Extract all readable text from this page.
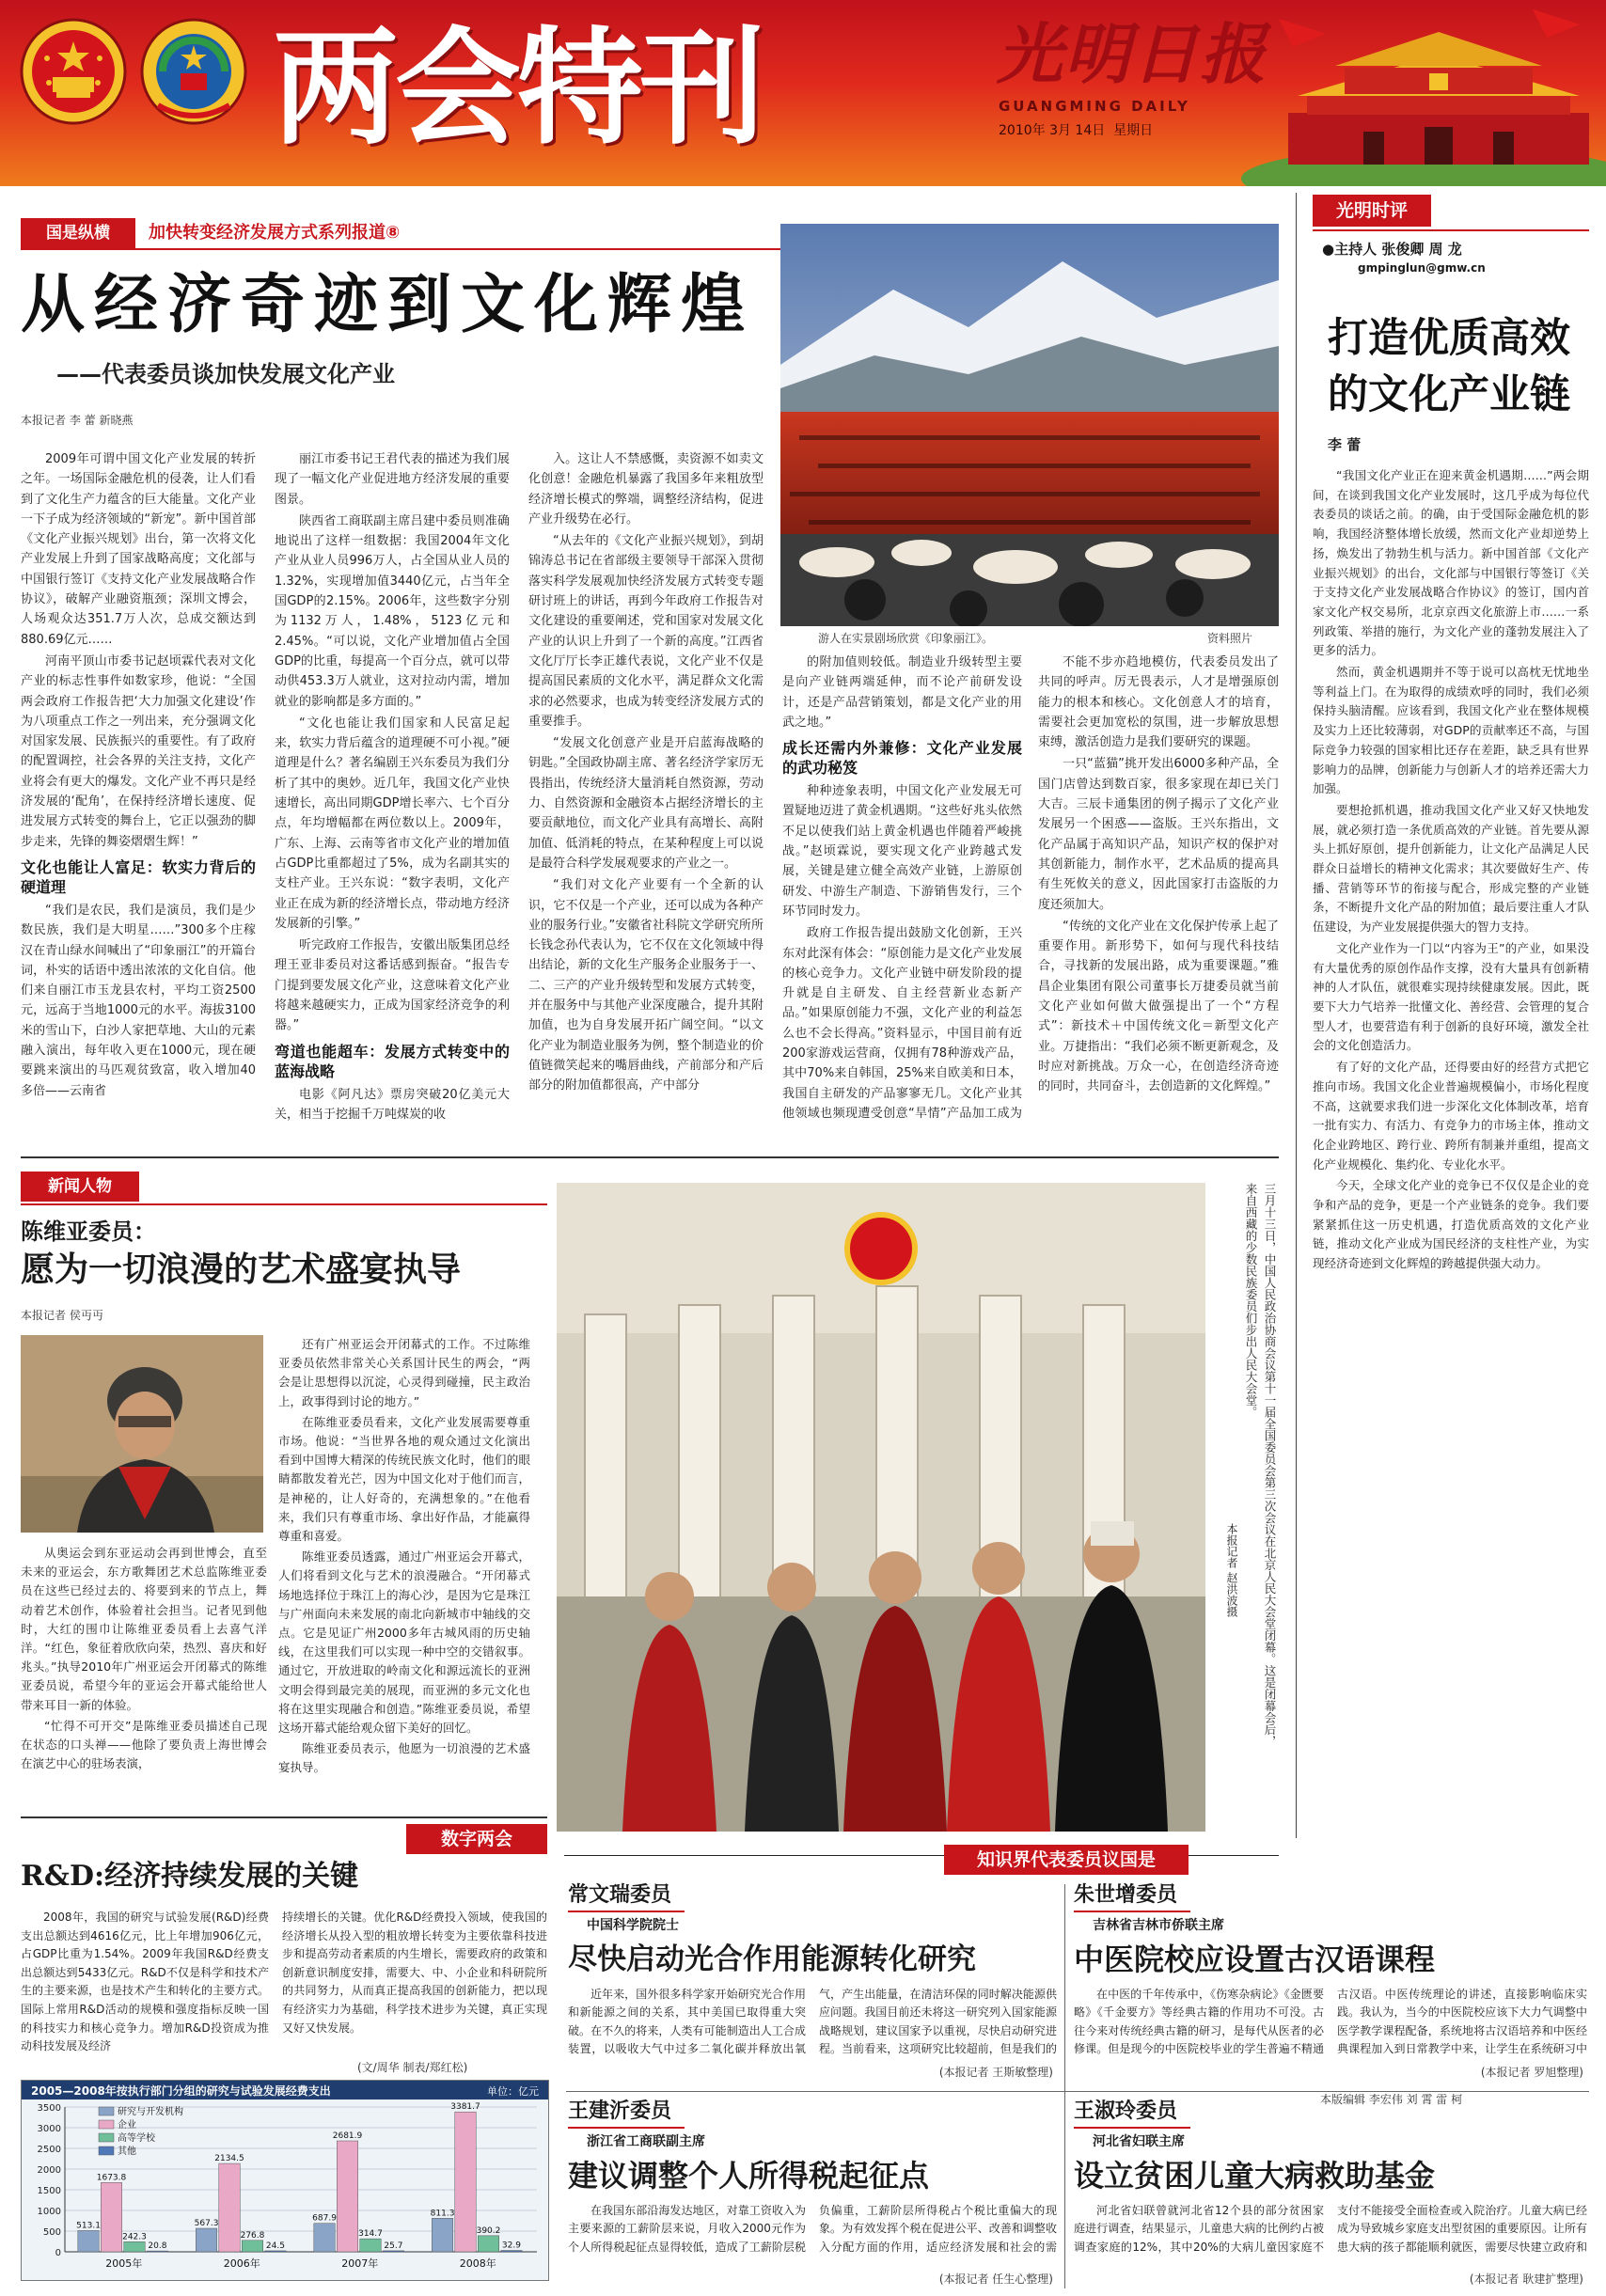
两会特刊	光明日报
GUANGMING DAILY
2010年 3月 14日 星期日
国是纵横	加快转变经济发展方式系列报道⑧
从经济奇迹到文化辉煌
——代表委员谈加快发展文化产业
本报记者 李 蕾 新晓燕
游人在实景剧场欣赏《印象丽江》。	资料照片

2009年可谓中国文化产业发展的转折之年。一场国际金融危机的侵袭，让人们看到了文化生产力蕴含的巨大能量。文化产业一下子成为经济领域的“新宠”。新中国首部《文化产业振兴规划》出台，第一次将文化产业发展上升到了国家战略高度；文化部与中国银行签订《支持文化产业发展战略合作协议》，破解产业融资瓶颈；深圳文博会，人场观众达351.7万人次，总成交额达到880.69亿元……

河南平顶山市委书记赵顷霖代表对文化产业的标志性事件如数家珍，他说：“全国两会政府工作报告把‘大力加强文化建设’作为八项重点工作之一列出来，充分强调文化对国家发展、民族振兴的重要性。有了政府的配置调控，社会各界的关注支持，文化产业将会有更大的爆发。文化产业不再只是经济发展的‘配角’，在保持经济增长速度、促进发展方式转变的舞台上，它正以强劲的脚步走来，先锋的舞姿熠熠生辉！”

文化也能让人富足：软实力背后的硬道理

“我们是农民，我们是演员，我们是少数民族，我们是大明星……”300多个庄稼汉在青山绿水间喊出了“印象丽江”的开篇台词，朴实的话语中透出浓浓的文化自信。他们来自丽江市玉龙县农村，平均工资2500元，远高于当地1000元的水平。海拔3100米的雪山下，白沙人家把草地、大山的元素融入演出，每年收入更在1000元，现在硬要跳来演出的马匹观贫致富，收入增加40多倍——云南省

丽江市委书记王君代表的描述为我们展现了一幅文化产业促进地方经济发展的重要图景。

陕西省工商联副主席吕建中委员则准确地说出了这样一组数据：我国2004年文化产业从业人员996万人，占全国从业人员的1.32%，实现增加值3440亿元，占当年全国GDP的2.15%。2006年，这些数字分别为1132万人，1.48%，5123亿元和2.45%。“可以说，文化产业增加值占全国GDP的比重，每提高一个百分点，就可以带动供453.3万人就业，这对拉动内需，增加就业的影响都是多方面的。”

“文化也能让我们国家和人民富足起来，软实力背后蕴含的道理硬不可小视。”硬道理是什么？著名编剧王兴东委员为我们分析了其中的奥妙。近几年，我国文化产业快速增长，高出同期GDP增长率六、七个百分点，年均增幅都在两位数以上。2009年，广东、上海、云南等省市文化产业的增加值占GDP比重都超过了5%，成为名副其实的支柱产业。王兴东说：“数字表明，文化产业正在成为新的经济增长点，带动地方经济发展新的引擎。”

听完政府工作报告，安徽出版集团总经理王亚非委员对这番话感到振奋。“报告专门提到要发展文化产业，这意味着文化产业将越来越硬实力，正成为国家经济竞争的利器。”

弯道也能超车：发展方式转变中的蓝海战略

电影《阿凡达》票房突破20亿美元大关，相当于挖掘千万吨煤炭的收

入。这让人不禁感慨，卖资源不如卖文化创意！金融危机暴露了我国多年来粗放型经济增长模式的弊端，调整经济结构，促进产业升级势在必行。

“从去年的《文化产业振兴规划》，到胡锦涛总书记在省部级主要领导干部深入贯彻落实科学发展观加快经济发展方式转变专题研讨班上的讲话，再到今年政府工作报告对文化建设的重要阐述，党和国家对发展文化产业的认识上升到了一个新的高度。”江西省文化厅厅长李正雄代表说，文化产业不仅是提高国民素质的文化水平，满足群众文化需求的必然要求，也成为转变经济发展方式的重要推手。

“发展文化创意产业是开启蓝海战略的钥匙。”全国政协副主席、著名经济学家厉无畏指出，传统经济大量消耗自然资源，劳动力、自然资源和金融资本占据经济增长的主要贡献地位，而文化产业具有高增长、高附加值、低消耗的特点，在某种程度上可以说是最符合科学发展观要求的产业之一。

“我们对文化产业要有一个全新的认识，它不仅是一个产业，还可以成为各种产业的服务行业。”安徽省社科院文学研究所所长钱念孙代表认为，它不仅在文化领域中得出结论，新的文化生产服务企业服务于一、二、三产的产业升级转型和发展方式转变，并在服务中与其他产业深度融合，提升其附加值，也为自身发展开拓广阔空间。“以文化产业为制造业服务为例，整个制造业的价值链微笑起来的嘴唇曲线，产前部分和产后部分的附加值都很高，产中部分

的附加值则较低。制造业升级转型主要是向产业链两端延伸，而不论产前研发设计，还是产品营销策划，都是文化产业的用武之地。”

成长还需内外兼修：文化产业发展的武功秘笈

种种迹象表明，中国文化产业发展无可置疑地迈进了黄金机遇期。“这些好兆头依然不足以使我们站上黄金机遇也伴随着严峻挑战。”赵顷霖说，要实现文化产业跨越式发展，关键是建立健全高效产业链，上游原创研发、中游生产制造、下游销售发行，三个环节同时发力。

政府工作报告提出鼓励文化创新，王兴东对此深有体会：“原创能力是文化产业发展的核心竞争力。文化产业链中研发阶段的提升就是自主研发、自主经营新业态新产品。”如果原创能力不强，文化产业的利益怎么也不会长得高。”资料显示，中国目前有近200家游戏运营商，仅拥有78种游戏产品，其中70%来自韩国，25%来自欧美和日本，我国自主研发的产品寥寥无几。文化产业其他领域也频现遭受创意“旱情”产品加工成为

不能不步亦趋地模仿，代表委员发出了共同的呼声。厉无畏表示，人才是增强原创能力的根本和核心。文化创意人才的培育，需要社会更加宽松的氛围，进一步解放思想束缚，激活创造力是我们要研究的课题。

一只“蓝猫”挑开发出6000多种产品，全国门店曾达到数百家，很多家现在却已关门大吉。三辰卡通集团的例子揭示了文化产业发展另一个困惑——盗版。王兴东指出，文化产品属于高知识产品，知识产权的保护对其创新能力，制作水平，艺术品质的提高具有生死攸关的意义，因此国家打击盗版的力度还须加大。

“传统的文化产业在文化保护传承上起了重要作用。新形势下，如何与现代科技结合，寻找新的发展出路，成为重要课题。”雅昌企业集团有限公司董事长万捷委员就当前文化产业如何做大做强提出了一个“方程式”：新技术＋中国传统文化＝新型文化产业。万捷指出：“我们必须不断更新观念，及时应对新挑战。万众一心，在创造经济奇迹的同时，共同奋斗，去创造新的文化辉煌。”

光明时评
●主持人 张俊卿 周 龙
gmpinglun@gmw.cn
打造优质高效的文化产业链
李 蕾

“我国文化产业正在迎来黄金机遇期……”两会期间，在谈到我国文化产业发展时，这几乎成为每位代表委员的谈话之前。的确，由于受国际金融危机的影响，我国经济整体增长放缓，然而文化产业却逆势上扬，焕发出了勃勃生机与活力。新中国首部《文化产业振兴规划》的出台，文化部与中国银行等签订《关于支持文化产业发展战略合作协议》的签订，国内首家文化产权交易所，北京京西文化旅游上市……一系列政策、举措的施行，为文化产业的蓬勃发展注入了更多的活力。

然而，黄金机遇期并不等于说可以高枕无忧地坐等利益上门。在为取得的成绩欢呼的同时，我们必须保持头脑清醒。应该看到，我国文化产业在整体规模及实力上还比较薄弱，对GDP的贡献率还不高，与国际竞争力较强的国家相比还存在差距，缺乏具有世界影响力的品牌，创新能力与创新人才的培养还需大力加强。

要想抢抓机遇，推动我国文化产业又好又快地发展，就必须打造一条优质高效的产业链。首先要从源头上抓好原创，提升创新能力，让文化产品满足人民群众日益增长的精神文化需求；其次要做好生产、传播、营销等环节的衔接与配合，形成完整的产业链条，不断提升文化产品的附加值；最后要注重人才队伍建设，为产业发展提供强大的智力支持。

文化产业作为一门以“内容为王”的产业，如果没有大量优秀的原创作品作支撑，没有大量具有创新精神的人才队伍，就很难实现持续健康发展。因此，既要下大力气培养一批懂文化、善经营、会管理的复合型人才，也要营造有利于创新的良好环境，激发全社会的文化创造活力。

有了好的文化产品，还得要由好的经营方式把它推向市场。我国文化企业普遍规模偏小，市场化程度不高，这就要求我们进一步深化文化体制改革，培育一批有实力、有活力、有竞争力的市场主体，推动文化企业跨地区、跨行业、跨所有制兼并重组，提高文化产业规模化、集约化、专业化水平。

今天，全球文化产业的竞争已不仅仅是企业的竞争和产品的竞争，更是一个产业链条的竞争。我们要紧紧抓住这一历史机遇，打造优质高效的文化产业链，推动文化产业成为国民经济的支柱性产业，为实现经济奇迹到文化辉煌的跨越提供强大动力。

本版编辑 李宏伟 刘 霄 雷 柯
新闻人物
陈维亚委员：
愿为一切浪漫的艺术盛宴执导
本报记者 侯丏丏

从奥运会到东亚运动会再到世博会，直至未来的亚运会，东方歌舞团艺术总监陈维亚委员在这些已经过去的、将要到来的节点上，舞动着艺术创作，体验着社会担当。记者见到他时，大红的围巾让陈维亚委员看上去喜气洋洋。“红色，象征着欣欣向荣，热烈、喜庆和好兆头。”执导2010年广州亚运会开闭幕式的陈维亚委员说，希望今年的亚运会开幕式能给世人带来耳目一新的体验。

“忙得不可开交”是陈维亚委员描述自己现在状态的口头禅——他除了要负责上海世博会在演艺中心的驻场表演，

还有广州亚运会开闭幕式的工作。不过陈维亚委员依然非常关心关系国计民生的两会，“两会是让思想得以沉淀，心灵得到碰撞，民主政治上，政事得到讨论的地方。”

在陈维亚委员看来，文化产业发展需要尊重市场。他说：“当世界各地的观众通过文化演出看到中国博大精深的传统民族文化时，他们的眼睛都散发着光芒，因为中国文化对于他们而言，是神秘的，让人好奇的，充满想象的。”在他看来，我们只有尊重市场、拿出好作品，才能赢得尊重和喜爱。

陈维亚委员透露，通过广州亚运会开幕式，人们将看到文化与艺术的浪漫融合。“开闭幕式场地选择位于珠江上的海心沙，是因为它是珠江与广州面向未来发展的南北向新城市中轴线的交点。它是见证广州2000多年古城风雨的历史轴线，在这里我们可以实现一种中空的交错叙事。通过它，开放进取的岭南文化和源远流长的亚洲文明会得到最完美的展现，而亚洲的多元文化也将在这里实现融合和创造。”陈维亚委员说，希望这场开幕式能给观众留下美好的回忆。

陈维亚委员表示，他愿为一切浪漫的艺术盛宴执导。

三月十三日，中国人民政治协商会议第十一届全国委员会第三次会议在北京人民大会堂闭幕。这是闭幕会后，来自西藏的少数民族委员们步出人民大会堂。
本报记者 赵洪波摄
知识界代表委员议国是
数字两会
R&D:经济持续发展的关键
2008年，我国的研究与试验发展(R&D)经费支出总额达到4616亿元，比上年增加906亿元，占GDP比重为1.54%。2009年我国R&D经费支出总额达到5433亿元。R&D不仅是科学和技术产生的主要来源，也是技术产生和转化的主要方式。国际上常用R&D活动的规模和强度指标反映一国的科技实力和核心竞争力。增加R&D投资成为推动科技发展及经济
持续增长的关键。优化R&D经费投入领域，使我国的经济增长从投入型的粗放增长转变为主要依靠科技进步和提高劳动者素质的内生增长，需要政府的政策和创新意识制度安排，需要大、中、小企业和科研院所的共同努力，从而真正提高我国的创新能力，把以现有经济实力为基础，科学技术进步为关键，真正实现又好又快发展。
(文/周华 制表/郑红松)
2005—2008年按执行部门分组的研究与试验发展经费支出	单位：亿元
0
500
1000
1500
2000
2500
3000
3500
513.1
1673.8
242.3
20.8
2005年
567.3
2134.5
276.8
24.5
2006年
687.9
2681.9
314.7
25.7
2007年
811.3
3381.7
390.2
32.9
2008年
研究与开发机构
企业
高等学校
其他
常文瑞委员
中国科学院院士
尽快启动光合作用能源转化研究
近年来，国外很多科学家开始研究光合作用和新能源之间的关系，其中美国已取得重大突破。在不久的将来，人类有可能制造出人工合成装置，以吸收大气中过多二氧化碳并释放出氧气，产生出能量，在清洁环保的同时解决能源供应问题。我国目前还未将这一研究列入国家能源战略规划，建议国家予以重视，尽快启动研究进程。当前看来，这项研究比较超前，但是我们的
(本报记者 王斯敏整理)
朱世增委员
吉林省吉林市侨联主席
中医院校应设置古汉语课程
在中医的千年传承中，《伤寒杂病论》《金匮要略》《千金要方》等经典古籍的作用功不可没。古往今来对传统经典古籍的研习，是每代从医者的必修课。但是现今的中医院校毕业的学生普遍不精通古汉语。中医传统理论的讲述，直接影响临床实践。我认为，当今的中医院校应该下大力气调整中医学教学课程配备，系统地将古汉语培养和中医经典课程加入到日常教学中来，让学生在系统研习中
(本报记者 罗旭整理)
王建沂委员
浙江省工商联副主席
建议调整个人所得税起征点
在我国东部沿海发达地区，对靠工资收入为主要来源的工薪阶层来说，月收入2000元作为个人所得税起征点显得较低，造成了工薪阶层税负偏重，工薪阶层所得税占个税比重偏大的现象。为有效发挥个税在促进公平、改善和调整收入分配方面的作用，适应经济发展和社会的需
(本报记者 任生心整理)
王淑玲委员
河北省妇联主席
设立贫困儿童大病救助基金
河北省妇联曾就河北省12个县的部分贫困家庭进行调查，结果显示，儿童患大病的比例约占被调查家庭的12%，其中20%的大病儿童因家庭不支付不能接受全面检查或入院治疗。儿童大病已经成为导致城乡家庭支出型贫困的重要原因。让所有患大病的孩子都能顺利就医，需要尽快建立政府和
(本报记者 耿建扩整理)
